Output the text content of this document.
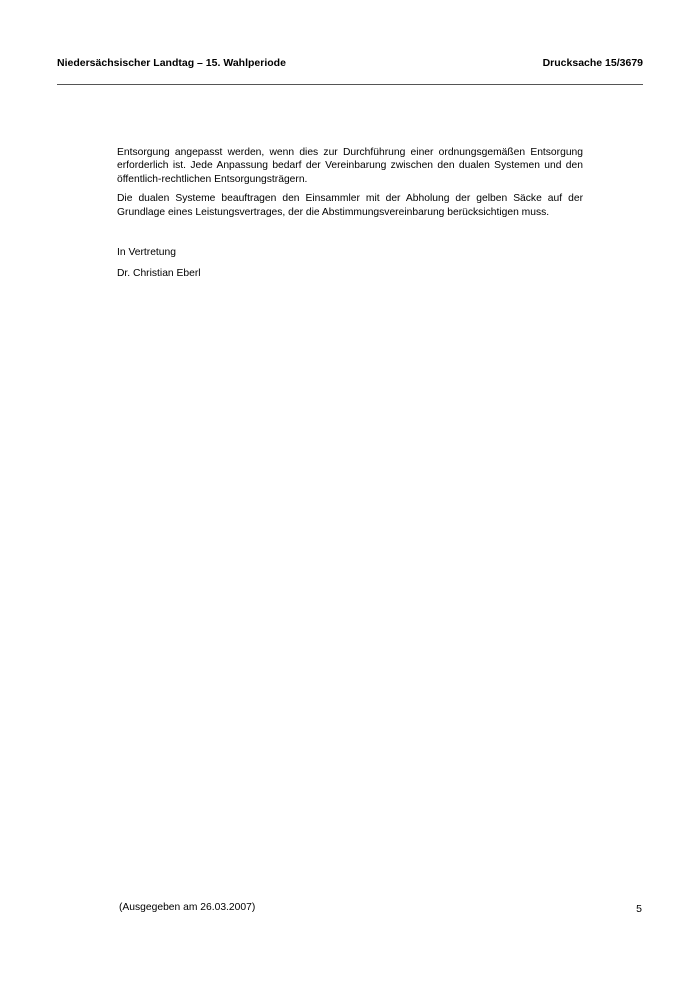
Niedersächsischer Landtag – 15. Wahlperiode	Drucksache 15/3679

Entsorgung angepasst werden, wenn dies zur Durchführung einer ordnungsgemäßen Entsorgung erforderlich ist. Jede Anpassung bedarf der Vereinbarung zwischen den dualen Systemen und den öffentlich-rechtlichen Entsorgungsträgern.

Die dualen Systeme beauftragen den Einsammler mit der Abholung der gelben Säcke auf der Grundlage eines Leistungsvertrages, der die Abstimmungsvereinbarung berücksichtigen muss.

In Vertretung

Dr. Christian Eberl

(Ausgegeben am 26.03.2007)	5
